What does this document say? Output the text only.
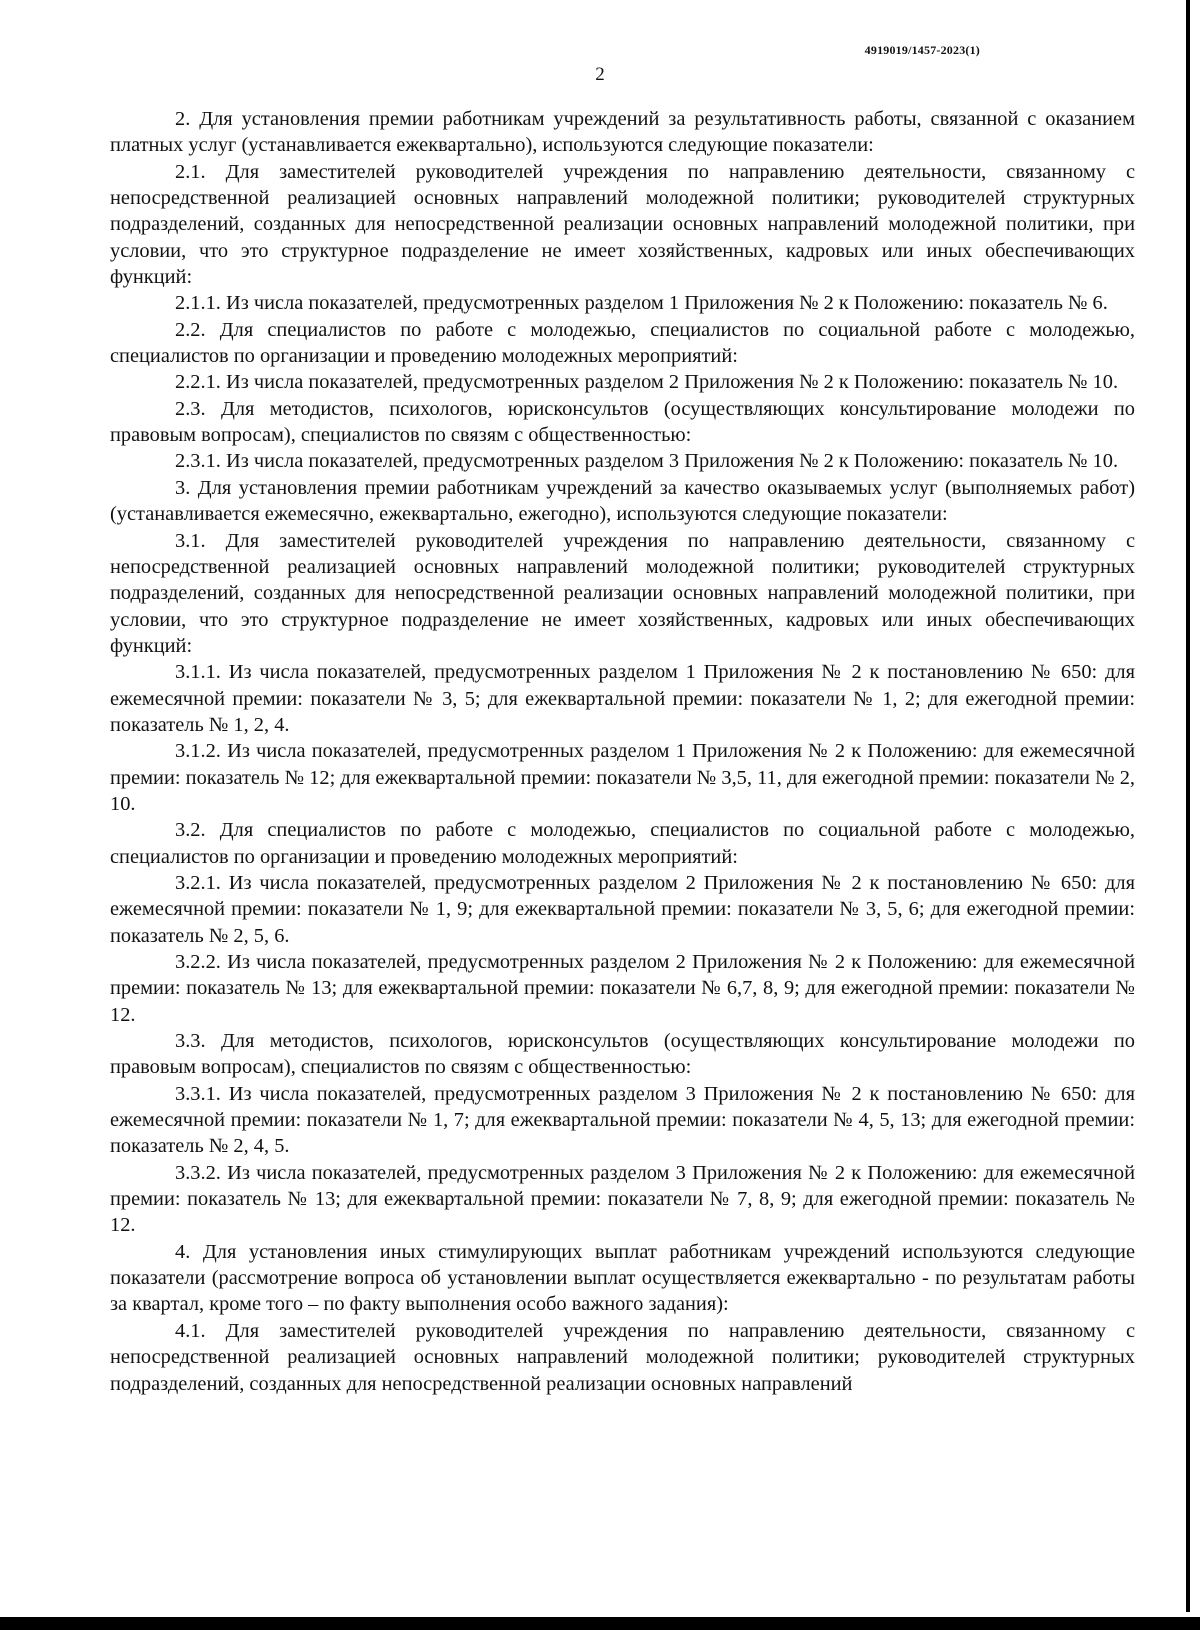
4919019/1457-2023(1)
2

2. Для установления премии работникам учреждений за результативность работы, связанной с оказанием платных услуг (устанавливается ежеквартально), используются следующие показатели:

2.1. Для заместителей руководителей учреждения по направлению деятельности, связанному с непосредственной реализацией основных направлений молодежной политики; руководителей структурных подразделений, созданных для непосредственной реализации основных направлений молодежной политики, при условии, что это структурное подразделение не имеет хозяйственных, кадровых или иных обеспечивающих функций:

2.1.1. Из числа показателей, предусмотренных разделом 1 Приложения № 2 к Положению: показатель № 6.

2.2. Для специалистов по работе с молодежью, специалистов по социальной работе с молодежью, специалистов по организации и проведению молодежных мероприятий:

2.2.1. Из числа показателей, предусмотренных разделом 2 Приложения № 2 к Положению: показатель № 10.

2.3. Для методистов, психологов, юрисконсультов (осуществляющих консультирование молодежи по правовым вопросам), специалистов по связям с общественностью:

2.3.1. Из числа показателей, предусмотренных разделом 3 Приложения № 2 к Положению: показатель № 10.

3. Для установления премии работникам учреждений за качество оказываемых услуг (выполняемых работ) (устанавливается ежемесячно, ежеквартально, ежегодно), используются следующие показатели:

3.1. Для заместителей руководителей учреждения по направлению деятельности, связанному с непосредственной реализацией основных направлений молодежной политики; руководителей структурных подразделений, созданных для непосредственной реализации основных направлений молодежной политики, при условии, что это структурное подразделение не имеет хозяйственных, кадровых или иных обеспечивающих функций:

3.1.1. Из числа показателей, предусмотренных разделом 1 Приложения № 2 к постановлению № 650: для ежемесячной премии: показатели № 3, 5; для ежеквартальной премии: показатели № 1, 2; для ежегодной премии: показатель № 1, 2, 4.

3.1.2. Из числа показателей, предусмотренных разделом 1 Приложения № 2 к Положению: для ежемесячной премии: показатель № 12; для ежеквартальной премии: показатели № 3,5, 11, для ежегодной премии: показатели № 2, 10.

3.2. Для специалистов по работе с молодежью, специалистов по социальной работе с молодежью, специалистов по организации и проведению молодежных мероприятий:

3.2.1. Из числа показателей, предусмотренных разделом 2 Приложения № 2 к постановлению № 650: для ежемесячной премии: показатели № 1, 9; для ежеквартальной премии: показатели № 3, 5, 6; для ежегодной премии: показатель № 2, 5, 6.

3.2.2. Из числа показателей, предусмотренных разделом 2 Приложения № 2 к Положению: для ежемесячной премии: показатель № 13; для ежеквартальной премии: показатели № 6,7, 8, 9; для ежегодной премии: показатели № 12.

3.3. Для методистов, психологов, юрисконсультов (осуществляющих консультирование молодежи по правовым вопросам), специалистов по связям с общественностью:

3.3.1. Из числа показателей, предусмотренных разделом 3 Приложения № 2 к постановлению № 650: для ежемесячной премии: показатели № 1, 7; для ежеквартальной премии: показатели № 4, 5, 13; для ежегодной премии: показатель № 2, 4, 5.

3.3.2. Из числа показателей, предусмотренных разделом 3 Приложения № 2 к Положению: для ежемесячной премии: показатель № 13; для ежеквартальной премии: показатели № 7, 8, 9; для ежегодной премии: показатель № 12.

4. Для установления иных стимулирующих выплат работникам учреждений используются следующие показатели (рассмотрение вопроса об установлении выплат осуществляется ежеквартально - по результатам работы за квартал, кроме того – по факту выполнения особо важного задания):

4.1. Для заместителей руководителей учреждения по направлению деятельности, связанному с непосредственной реализацией основных направлений молодежной политики; руководителей структурных подразделений, созданных для непосредственной реализации основных направлений
